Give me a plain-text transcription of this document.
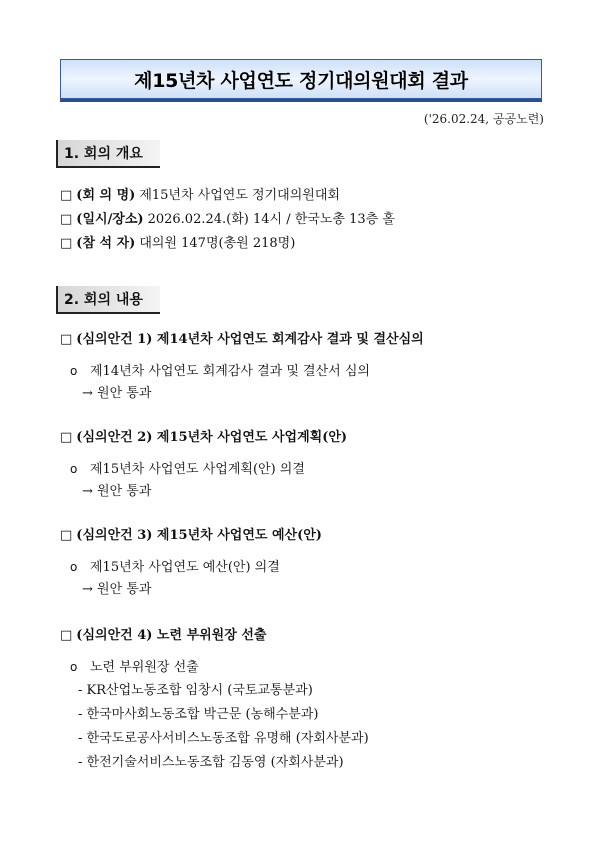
제15년차 사업연도 정기대의원대회 결과
('26.02.24, 공공노련)
1. 회의 개요
□ (회 의 명) 제15년차 사업연도 정기대의원대회
□ (일시/장소) 2026.02.24.(화) 14시 / 한국노총 13층 홀
□ (참 석 자) 대의원 147명(총원 218명)
2. 회의 내용
□ (심의안건 1) 제14년차 사업연도 회계감사 결과 및 결산심의
o 제14년차 사업연도 회계감사 결과 및 결산서 심의
→ 원안 통과
□ (심의안건 2) 제15년차 사업연도 사업계획(안)
o 제15년차 사업연도 사업계획(안) 의결
→ 원안 통과
□ (심의안건 3) 제15년차 사업연도 예산(안)
o 제15년차 사업연도 예산(안) 의결
→ 원안 통과
□ (심의안건 4) 노련 부위원장 선출
o 노련 부위원장 선출
- KR산업노동조합 임창시 (국토교통분과)
- 한국마사회노동조합 박근문 (농해수분과)
- 한국도로공사서비스노동조합 유명해 (자회사분과)
- 한전기술서비스노동조합 김동영 (자회사분과)
